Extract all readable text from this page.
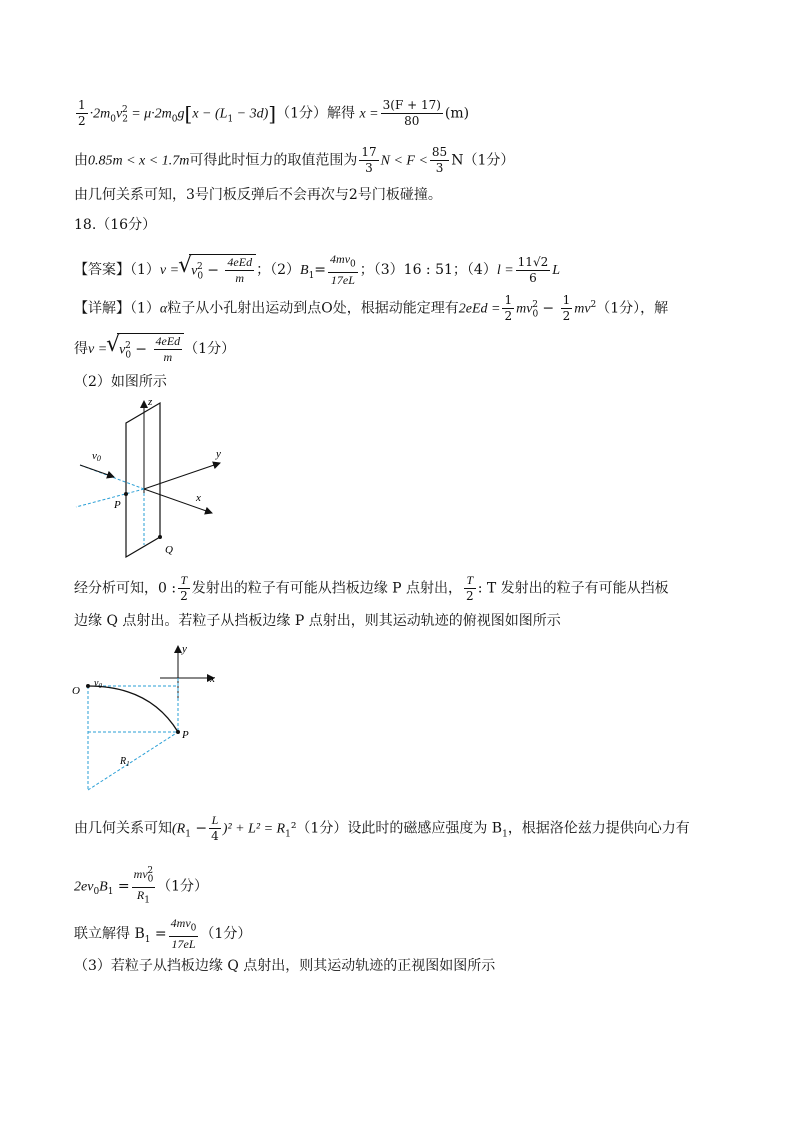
$\frac{1}{2} \cdot 2m_0v_2^2 = \mu\cdot 2m_0g[x - (L_1 - 3d)](1$分）解得 $x = \frac{3(F + 17)}{80} (m)$
由0.85m < x < 1.7m可得此时恒力的取值范围为 $\frac{17}{3}$ $N < F < \frac{85}{3} N(1$分）
由几何关系可知，3号门板反弹后不会再次与2号门板碰撞。
18.（16分）
【答案】（1）v = √ $v_0^2 - \frac{\text{4eEd}}{m}$ ；$(2)B_1= \frac{4mv_0}{17eL}$ ；（3）16 : 51；$(4)l = \frac{11√2}{6}$ L
【详解】（1）α粒子从小孔射出运动到点O处，根据动能定理有$2eEd = \frac{1}{2} mv_0^2 - \frac{1}{2} mv^2(1$分），解
得v = √ $v_0^2 - \frac{\text{4eEd}}{m} (1$分）
（2）如图所示
z
y
x
v0
P
Q
经分析可知，0 : $\frac{T}{2}$ 发射出的粒子有可能从挡板边缘 P 点射出， $\frac{T}{2}$ : T 发射出的粒子有可能从挡板
边缘 Q 点射出。若粒子从挡板边缘 P 点射出，则其运动轨迹的俯视图如图所示
y
x
O
$v_0$
P
$R_1$
由几何关系可知$(R_1 - \frac{L}{4} )^2 + L^2 = R_1^2(1$分）设此时的磁感应强度为 $B_1$，根据洛伦兹力提供向心力有
$2ev_0B_1 = \frac{mv_0^2}{R_1} (1$分）
联立解得 $B_1 = \frac{4mv_0}{17eL} (1$分）
（3）若粒子从挡板边缘 Q 点射出，则其运动轨迹的正视图如图所示
